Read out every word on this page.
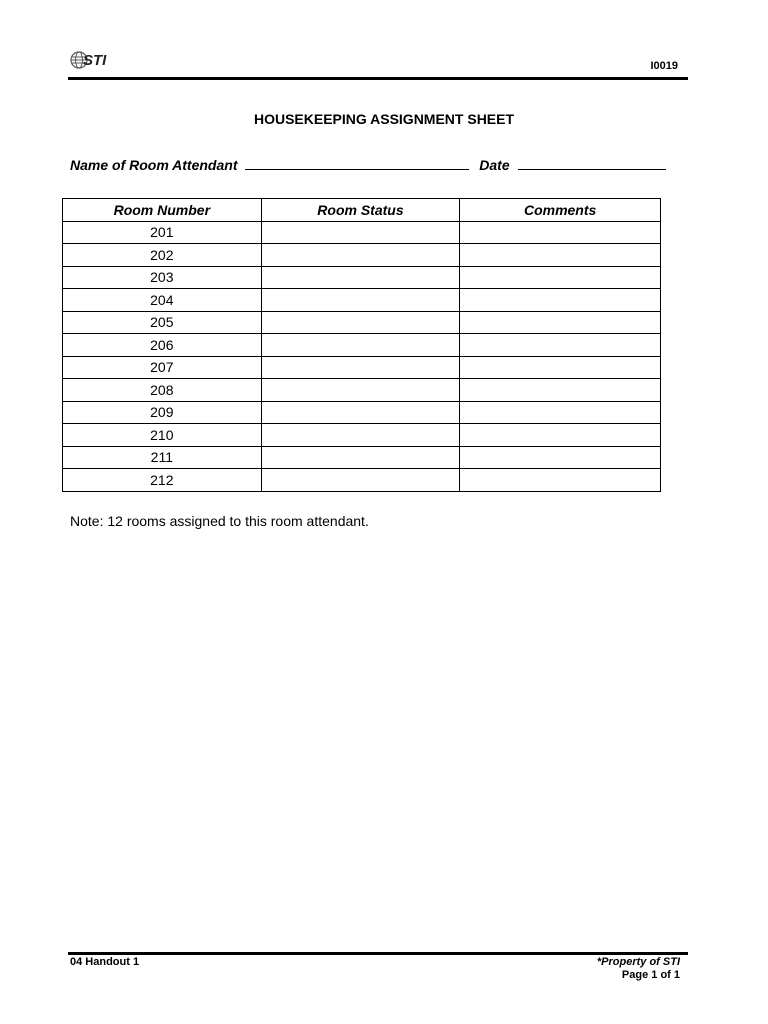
STI	I0019
HOUSEKEEPING ASSIGNMENT SHEET
Name of Room Attendant	Date
Room Number	Room Status	Comments
201		
202		
203		
204		
205		
206		
207		
208		
209		
210		
211		
212		
Note: 12 rooms assigned to this room attendant.
04 Handout 1	*Property of STI
Page 1 of 1
